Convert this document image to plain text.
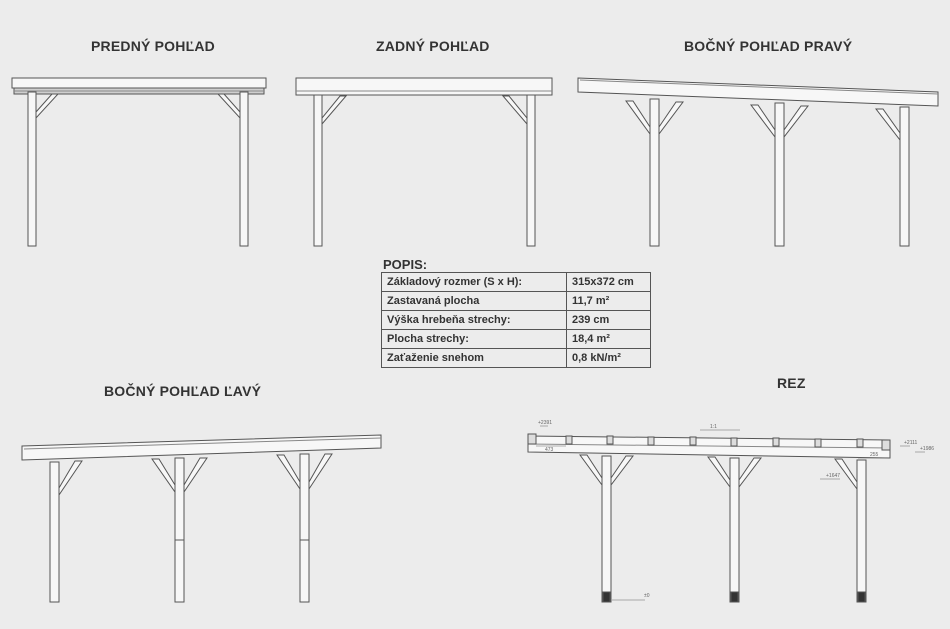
PREDNÝ POHĽAD	ZADNÝ POHĽAD	BOČNÝ POHĽAD PRAVÝ
BOČNÝ POHĽAD ĽAVÝ	REZ
POPIS:
Základový rozmer (S x H):	315x372 cm
Zastavaná plocha	11,7 m²
Výška hrebeňa strechy:	239 cm
Plocha strechy:	18,4 m²
Zaťaženie snehom	0,8 kN/m²
+2391
473
1:1
+2111
+1986
255
+1647
±0
